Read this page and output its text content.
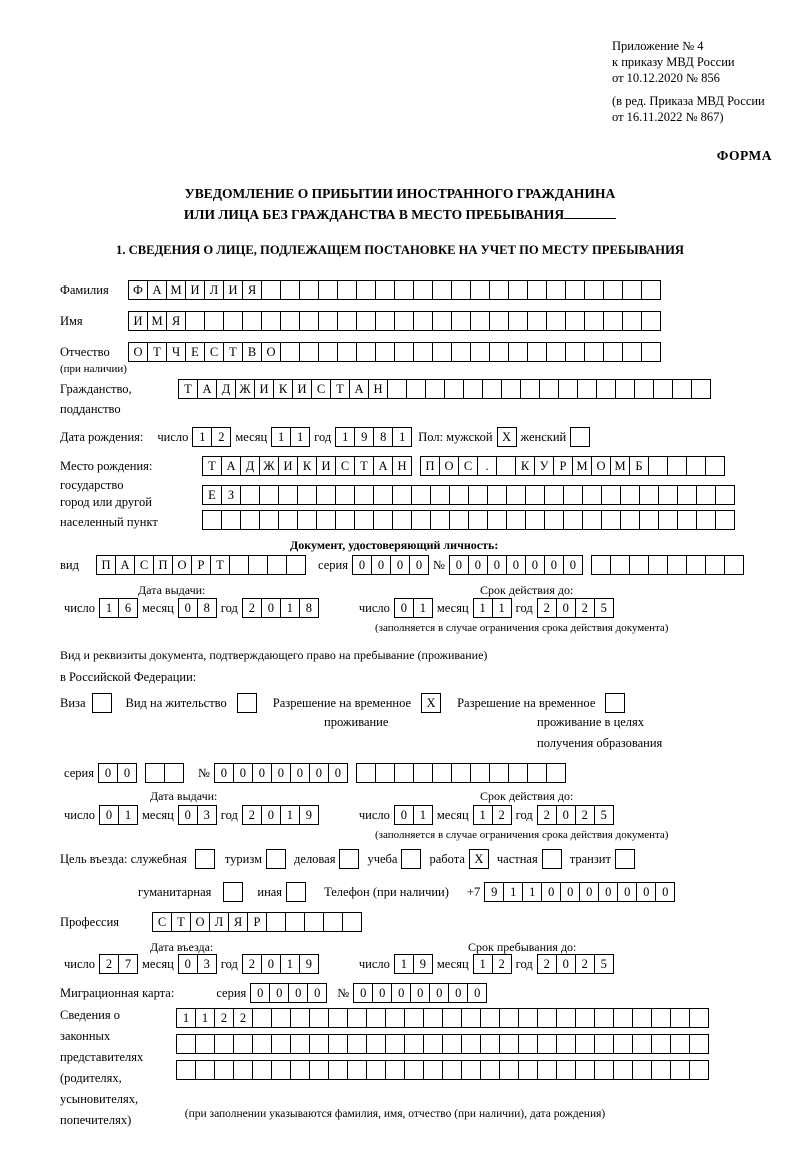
Приложение № 4
к приказу МВД России
от 10.12.2020 № 856
(в ред. Приказа МВД России
от 16.11.2022 № 867)
ФОРМА
УВЕДОМЛЕНИЕ О ПРИБЫТИИ ИНОСТРАННОГО ГРАЖДАНИНА
ИЛИ ЛИЦА БЕЗ ГРАЖДАНСТВА В МЕСТО ПРЕБЫВАНИЯ
1. СВЕДЕНИЯ О ЛИЦЕ, ПОДЛЕЖАЩЕМ ПОСТАНОВКЕ НА УЧЕТ ПО МЕСТУ ПРЕБЫВАНИЯ
Фамилия	Ф А М И Л И Я
Имя	И М Я
Отчество	О Т Ч Е С Т В О
(при наличии)
Гражданство,	Т А Д Ж И К И С Т А Н
подданство
Дата рождения: число 1	2 месяц 1	1 год 1	9	8	1	Пол: мужской X женский
Место рождения:	Т А Д Ж И К И С Т А Н	П О С	.	К У Р М О М Б
государство
Е З
город или другой
населенный пункт
Документ, удостоверяющий личность:
вид	П А С П О Р Т	серия 0	0	0	0 № 0	0	0	0	0	0	0
Дата выдачи:	Срок действия до:
число 1	6 месяц 0	8 год 2	0	1	8	число 0	1 месяц 1	1 год 2	0	2	5
(заполняется в случае ограничения срока действия документа)
Вид и реквизиты документа, подтверждающего право на пребывание (проживание)
в Российской Федерации:
Виза	Вид на жительство	Разрешение на временное	X	Разрешение на временное
проживание	проживание в целях
получения образования
серия 0	0	№ 0	0	0	0	0	0	0
Дата выдачи:	Срок действия до:
число 0	1 месяц 0	3 год 2	0	1	9	число 0	1 месяц 1	2 год 2	0	2	5
(заполняется в случае ограничения срока действия документа)
Цель въезда: служебная	туризм	деловая	учеба	работа X	частная	транзит
гуманитарная	иная	Телефон (при наличии) +7 9	1	1	0	0	0	0	0	0	0
Профессия	С Т О Л Я Р
Дата въезда:	Срок пребывания до:
число 2	7 месяц 0	3 год 2	0	1	9	число 1	9 месяц 1	2 год 2	0	2	5
Миграционная карта:	серия 0	0	0	0	№ 0	0	0	0	0	0	0
Сведения о
законных
представителях
(родителях,
усыновителях,
попечителях)
1	1	2	2
(при заполнении указываются фамилия, имя, отчество (при наличии), дата рождения)
